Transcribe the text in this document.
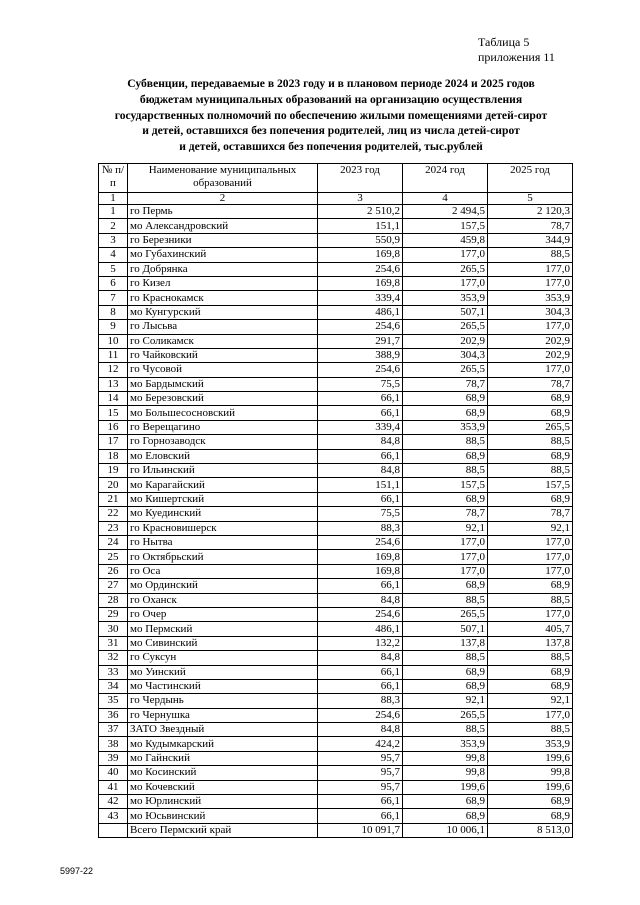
Таблица 5
приложения 11
Субвенции, передаваемые в 2023 году и в плановом периоде 2024 и 2025 годов
бюджетам муниципальных образований на организацию осуществления
государственных полномочий по обеспечению жилыми помещениями детей-сирот
и детей, оставшихся без попечения родителей, лиц из числа детей-сирот
и детей, оставшихся без попечения родителей, тыс.рублей
№ п/п	Наименование муниципальных образований	2023 год	2024 год	2025 год
1	2	3	4	5
1	го Пермь	2 510,2	2 494,5	2 120,3
2	мо Александровский	151,1	157,5	78,7
3	го Березники	550,9	459,8	344,9
4	мо Губахинский	169,8	177,0	88,5
5	го Добрянка	254,6	265,5	177,0
6	го Кизел	169,8	177,0	177,0
7	го Краснокамск	339,4	353,9	353,9
8	мо Кунгурский	486,1	507,1	304,3
9	го Лысьва	254,6	265,5	177,0
10	го Соликамск	291,7	202,9	202,9
11	го Чайковский	388,9	304,3	202,9
12	го Чусовой	254,6	265,5	177,0
13	мо Бардымский	75,5	78,7	78,7
14	мо Березовский	66,1	68,9	68,9
15	мо Большесосновский	66,1	68,9	68,9
16	го Верещагино	339,4	353,9	265,5
17	го Горнозаводск	84,8	88,5	88,5
18	мо Еловский	66,1	68,9	68,9
19	го Ильинский	84,8	88,5	88,5
20	мо Карагайский	151,1	157,5	157,5
21	мо Кишертский	66,1	68,9	68,9
22	мо Куединский	75,5	78,7	78,7
23	го Красновишерск	88,3	92,1	92,1
24	го Нытва	254,6	177,0	177,0
25	го Октябрьский	169,8	177,0	177,0
26	го Оса	169,8	177,0	177,0
27	мо Ординский	66,1	68,9	68,9
28	го Оханск	84,8	88,5	88,5
29	го Очер	254,6	265,5	177,0
30	мо Пермский	486,1	507,1	405,7
31	мо Сивинский	132,2	137,8	137,8
32	го Суксун	84,8	88,5	88,5
33	мо Уинский	66,1	68,9	68,9
34	мо Частинский	66,1	68,9	68,9
35	го Чердынь	88,3	92,1	92,1
36	го Чернушка	254,6	265,5	177,0
37	ЗАТО Звездный	84,8	88,5	88,5
38	мо Кудымкарский	424,2	353,9	353,9
39	мо Гайнский	95,7	99,8	199,6
40	мо Косинский	95,7	99,8	99,8
41	мо Кочевский	95,7	199,6	199,6
42	мо Юрлинский	66,1	68,9	68,9
43	мо Юсьвинский	66,1	68,9	68,9
	Всего Пермский край	10 091,7	10 006,1	8 513,0
5997-22
